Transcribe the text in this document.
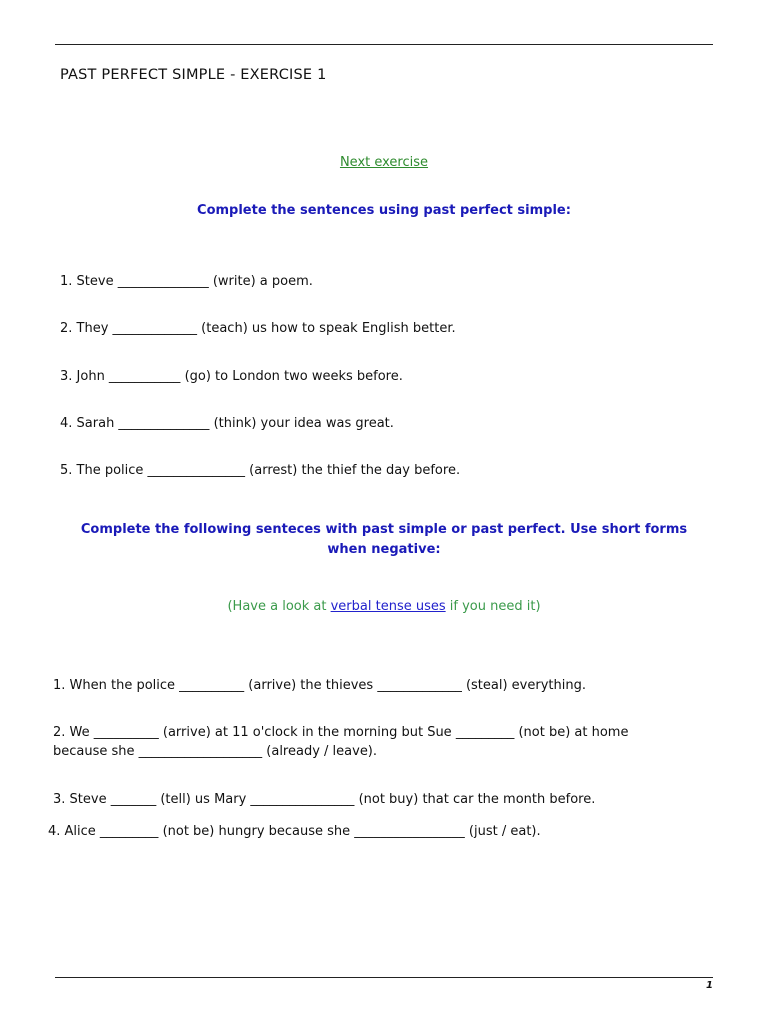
PAST PERFECT SIMPLE - EXERCISE 1
Next exercise
Complete the sentences using past perfect simple:
1. Steve ______________ (write) a poem.
2. They _____________ (teach) us how to speak English better.
3. John ___________ (go) to London two weeks before.
4. Sarah ______________ (think) your idea was great.
5. The police _______________ (arrest) the thief the day before.
Complete the following senteces with past simple or past perfect. Use short forms
when negative:
(Have a look at verbal tense uses if you need it)
1. When the police __________ (arrive) the thieves _____________ (steal) everything.
2. We __________ (arrive) at 11 o'clock in the morning but Sue _________ (not be) at home
because she ___________________ (already / leave).
3. Steve _______ (tell) us Mary ________________ (not buy) that car the month before.
4. Alice _________ (not be) hungry because she _________________ (just / eat).
1
